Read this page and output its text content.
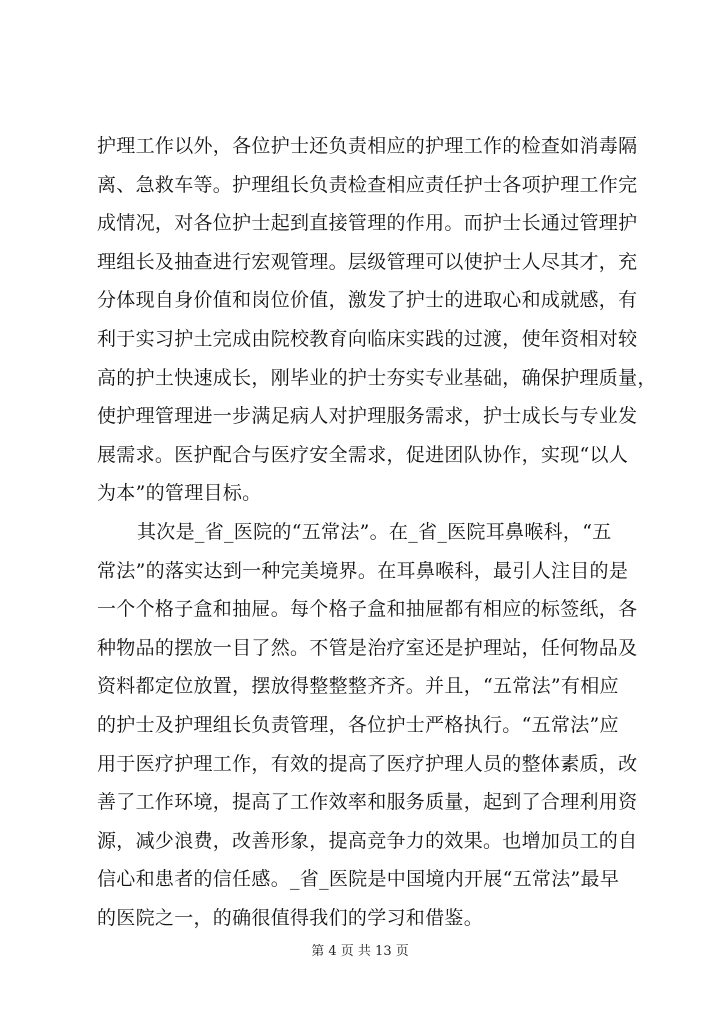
护理工作以外，各位护士还负责相应的护理工作的检查如消毒隔
离、急救车等。护理组长负责检查相应责任护士各项护理工作完
成情况，对各位护士起到直接管理的作用。而护士长通过管理护
理组长及抽查进行宏观管理。层级管理可以使护士人尽其才，充
分体现自身价值和岗位价值，激发了护士的进取心和成就感，有
利于实习护土完成由院校教育向临床实践的过渡，使年资相对较
高的护土快速成长，刚毕业的护士夯实专业基础，确保护理质量，
使护理管理进一步满足病人对护理服务需求，护士成长与专业发
展需求。医护配合与医疗安全需求，促进团队协作，实现“以人
为本”的管理目标。
其次是_省_医院的“五常法”。在_省_医院耳鼻喉科，“五
常法”的落实达到一种完美境界。在耳鼻喉科，最引人注目的是
一个个格子盒和抽屉。每个格子盒和抽屉都有相应的标签纸，各
种物品的摆放一目了然。不管是治疗室还是护理站，任何物品及
资料都定位放置，摆放得整整整齐齐。并且，“五常法”有相应
的护士及护理组长负责管理，各位护士严格执行。“五常法”应
用于医疗护理工作，有效的提高了医疗护理人员的整体素质，改
善了工作环境，提高了工作效率和服务质量，起到了合理利用资
源，减少浪费，改善形象，提高竞争力的效果。也增加员工的自
信心和患者的信任感。_省_医院是中国境内开展“五常法”最早
的医院之一，的确很值得我们的学习和借鉴。
第 4 页 共 13 页
